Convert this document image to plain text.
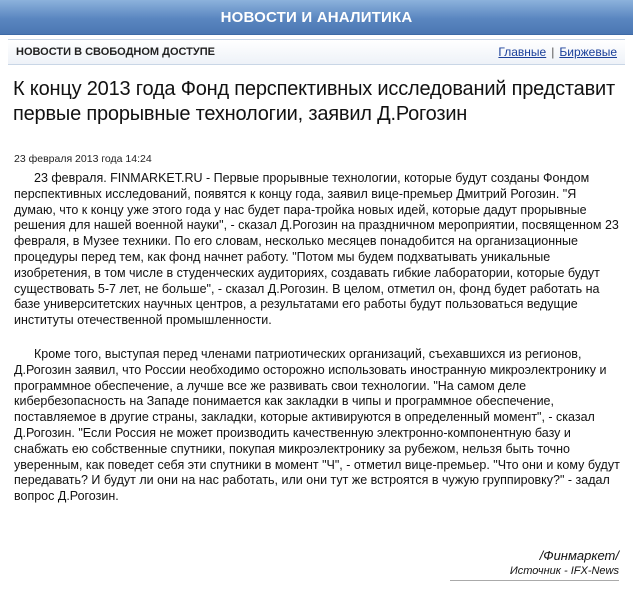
НОВОСТИ И АНАЛИТИКА
НОВОСТИ В СВОБОДНОМ ДОСТУПЕ	Главные | Биржевые
К концу 2013 года Фонд перспективных исследований представит первые прорывные технологии, заявил Д.Рогозин
23 февраля 2013 года 14:24

23 февраля. FINMARKET.RU - Первые прорывные технологии, которые будут созданы Фондом перспективных исследований, появятся к концу года, заявил вице-премьер Дмитрий Рогозин. "Я думаю, что к концу уже этого года у нас будет пара-тройка новых идей, которые дадут прорывные решения для нашей военной науки", - сказал Д.Рогозин на праздничном мероприятии, посвященном 23 февраля, в Музее техники. По его словам, несколько месяцев понадобится на организационные процедуры перед тем, как фонд начнет работу. "Потом мы будем подхватывать уникальные изобретения, в том числе в студенческих аудиториях, создавать гибкие лаборатории, которые будут существовать 5-7 лет, не больше", - сказал Д.Рогозин. В целом, отметил он, фонд будет работать на базе университетских научных центров, а результатами его работы будут пользоваться ведущие институты отечественной промышленности.

Кроме того, выступая перед членами патриотических организаций, съехавшихся из регионов, Д.Рогозин заявил, что России необходимо осторожно использовать иностранную микроэлектронику и программное обеспечение, а лучше все же развивать свои технологии. "На самом деле кибербезопасность на Западе понимается как закладки в чипы и программное обеспечение, поставляемое в другие страны, закладки, которые активируются в определенный момент", - сказал Д.Рогозин. "Если Россия не может производить качественную электронно-компонентную базу и снабжать ею собственные спутники, покупая микроэлектронику за рубежом, нельзя быть точно уверенным, как поведет себя эти спутники в момент "Ч", - отметил вице-премьер. "Что они и кому будут передавать? И будут ли они на нас работать, или они тут же встроятся в чужую группировку?" - задал вопрос Д.Рогозин.

/Финмаркет/
Источник - IFX-News
